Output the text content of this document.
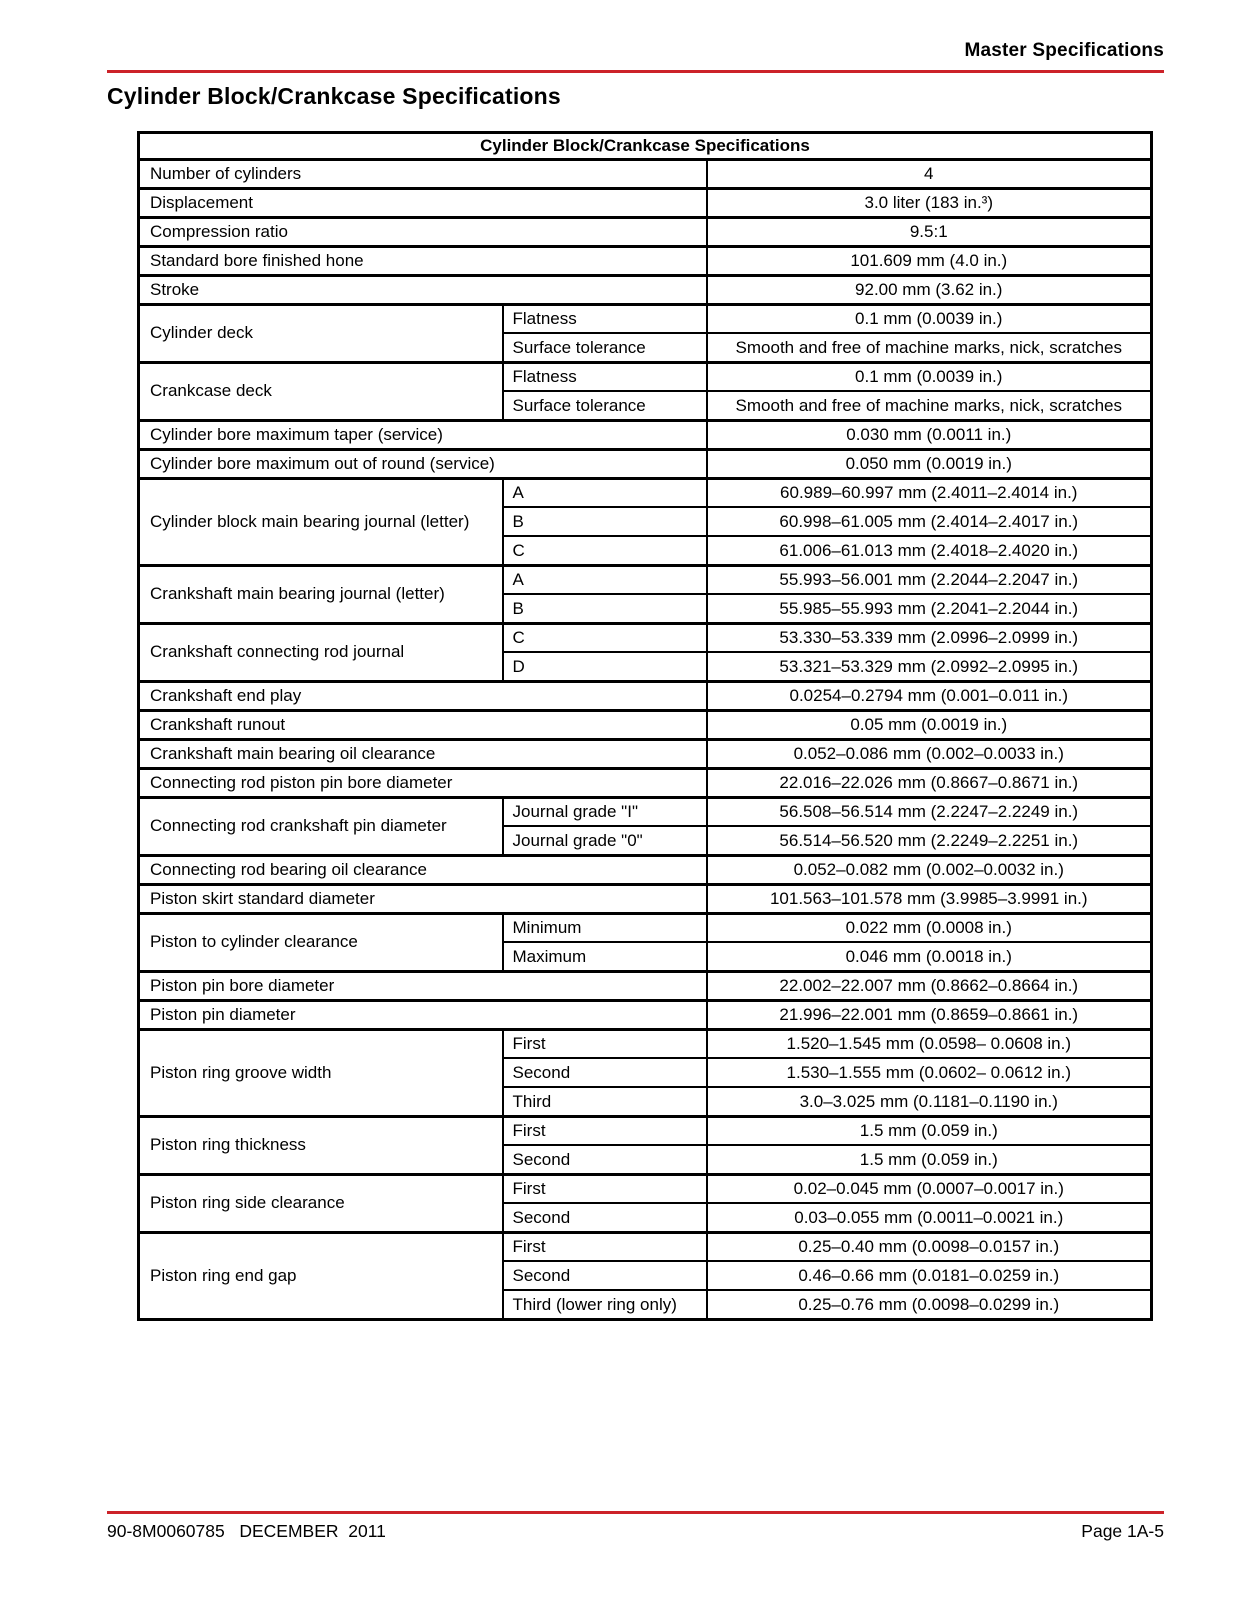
Master Specifications
Cylinder Block/Crankcase Specifications
Cylinder Block/Crankcase Specifications		
Number of cylinders		4
Displacement		3.0 liter (183 in.³)
Compression ratio		9.5:1
Standard bore finished hone		101.609 mm (4.0 in.)
Stroke		92.00 mm (3.62 in.)
Cylinder deck	Flatness	0.1 mm (0.0039 in.)
	Surface tolerance	Smooth and free of machine marks, nick, scratches
Crankcase deck	Flatness	0.1 mm (0.0039 in.)
	Surface tolerance	Smooth and free of machine marks, nick, scratches
Cylinder bore maximum taper (service)		0.030 mm (0.0011 in.)
Cylinder bore maximum out of round (service)		0.050 mm (0.0019 in.)
Cylinder block main bearing journal (letter)	A	60.989–60.997 mm (2.4011–2.4014 in.)
	B	60.998–61.005 mm (2.4014–2.4017 in.)
	C	61.006–61.013 mm (2.4018–2.4020 in.)
Crankshaft main bearing journal (letter)	A	55.993–56.001 mm (2.2044–2.2047 in.)
	B	55.985–55.993 mm (2.2041–2.2044 in.)
Crankshaft connecting rod journal	C	53.330–53.339 mm (2.0996–2.0999 in.)
	D	53.321–53.329 mm (2.0992–2.0995 in.)
Crankshaft end play		0.0254–0.2794 mm (0.001–0.011 in.)
Crankshaft runout		0.05 mm (0.0019 in.)
Crankshaft main bearing oil clearance		0.052–0.086 mm (0.002–0.0033 in.)
Connecting rod piston pin bore diameter		22.016–22.026 mm (0.8667–0.8671 in.)
Connecting rod crankshaft pin diameter	Journal grade "I"	56.508–56.514 mm (2.2247–2.2249 in.)
	Journal grade "0"	56.514–56.520 mm (2.2249–2.2251 in.)
Connecting rod bearing oil clearance		0.052–0.082 mm (0.002–0.0032 in.)
Piston skirt standard diameter		101.563–101.578 mm (3.9985–3.9991 in.)
Piston to cylinder clearance	Minimum	0.022 mm (0.0008 in.)
	Maximum	0.046 mm (0.0018 in.)
Piston pin bore diameter		22.002–22.007 mm (0.8662–0.8664 in.)
Piston pin diameter		21.996–22.001 mm (0.8659–0.8661 in.)
Piston ring groove width	First	1.520–1.545 mm (0.0598– 0.0608 in.)
	Second	1.530–1.555 mm (0.0602– 0.0612 in.)
	Third	3.0–3.025 mm (0.1181–0.1190 in.)
Piston ring thickness	First	1.5 mm (0.059 in.)
	Second	1.5 mm (0.059 in.)
Piston ring side clearance	First	0.02–0.045 mm (0.0007–0.0017 in.)
	Second	0.03–0.055 mm (0.0011–0.0021 in.)
Piston ring end gap	First	0.25–0.40 mm (0.0098–0.0157 in.)
	Second	0.46–0.66 mm (0.0181–0.0259 in.)
	Third (lower ring only)	0.25–0.76 mm (0.0098–0.0299 in.)
90-8M0060785   DECEMBER  2011	Page 1A-5
